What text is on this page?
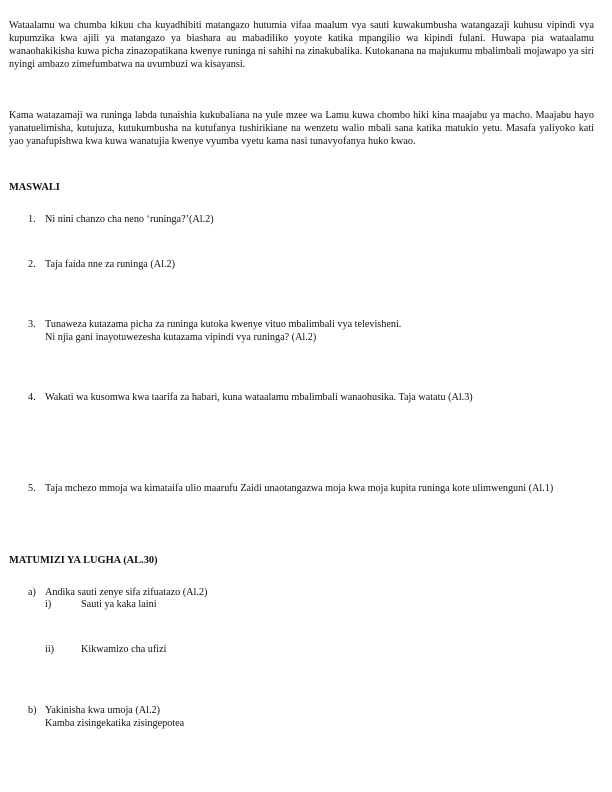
Wataalamu wa chumba kikuu cha kuyadhibiti matangazo hutumia vifaa maalum vya sauti kuwakumbusha watangazaji kuhusu vipindi vya kupumzika kwa ajili ya matangazo ya biashara au mabadiliko yoyote katika mpangilio wa kipindi fulani. Huwapa pia wataalamu wanaohakikisha kuwa picha zinazopatikana kwenye runinga ni sahihi na zinakubalika. Kutokanana na majukumu mbalimbali mojawapo ya siri nyingi ambazo zimefumbatwa na uvumbuzi wa kisayansi.

Kama watazamaji wa runinga labda tunaishia kukubaliana na yule mzee wa Lamu kuwa chombo hiki kina maajabu ya macho. Maajabu hayo yanatuelimisha, kutujuza, kutukumbusha na kutufanya tushirikiane na wenzetu walio mbali sana katika matukio yetu. Masafa yaliyoko kati yao yanafupishwa kwa kuwa wanatujia kwenye vyumba vyetu kama nasi tunavyofanya huko kwao.

MASWALI
1. Ni nini chanzo cha neno ‘runinga?’(Al.2)
2. Taja faida nne za runinga (Al.2)
3. Tunaweza kutazama picha za runinga kutoka kwenye vituo mbalimbali vya televisheni.
Ni njia gani inayotuwezesha kutazama vipindi vya runinga? (Al.2)
4. Wakati wa kusomwa kwa taarifa za habari, kuna wataalamu mbalimbali wanaohusika. Taja watatu (Al.3)
5. Taja mchezo mmoja wa kimataifa ulio maarufu Zaidi unaotangazwa moja kwa moja kupita runinga kote ulimwenguni (Al.1)
MATUMIZI YA LUGHA (AL.30)
a) Andika sauti zenye sifa zifuatazo (Al.2)
i)	Sauti ya kaka laini
ii)	Kikwamizo cha ufizi
b) Yakinisha kwa umoja (Al.2)
Kamba zisingekatika zisingepotea
